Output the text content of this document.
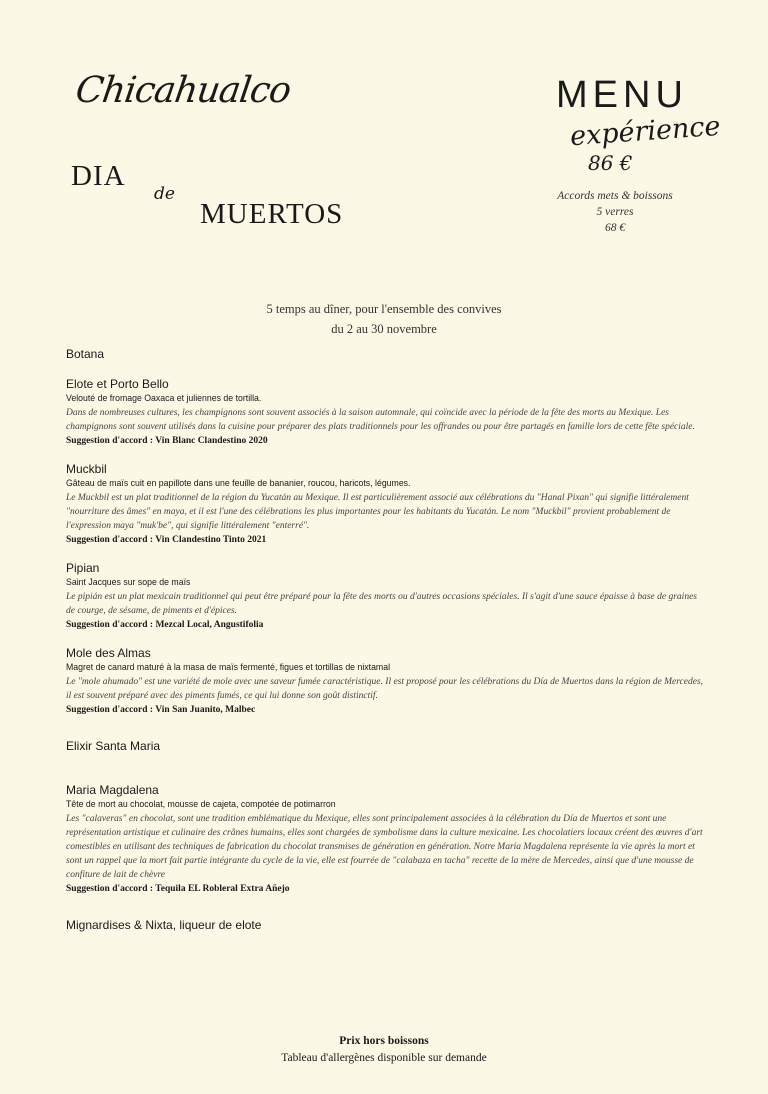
Chicahualco
DIA
de
MUERTOS
MENU
expérience
86 €
Accords mets & boissons
5 verres
68 €
5 temps au dîner, pour l'ensemble des convives
du 2 au 30 novembre
Botana
Elote et Porto Bello
Velouté de fromage Oaxaca et juliennes de tortilla.
Dans de nombreuses cultures, les champignons sont souvent associés à la saison automnale, qui coïncide avec la période de la fête des morts au Mexique. Les champignons sont souvent utilisés dans la cuisine pour préparer des plats traditionnels pour les offrandes ou pour être partagés en famille lors de cette fête spéciale.
Suggestion d'accord : Vin Blanc Clandestino 2020
Muckbil
Gâteau de maïs cuit en papillote dans une feuille de bananier, roucou, haricots, légumes.
Le Muckbil est un plat traditionnel de la région du Yucatán au Mexique. Il est particulièrement associé aux célébrations du "Hanal Pixan" qui signifie littéralement "nourriture des âmes" en maya, et il est l'une des célébrations les plus importantes pour les habitants du Yucatán. Le nom "Muckbil" provient probablement de l'expression maya "muk'be", qui signifie littéralement "enterré".
Suggestion d'accord : Vin Clandestino Tinto 2021
Pipian
Saint Jacques sur sope de maïs
Le pipián est un plat mexicain traditionnel qui peut être préparé pour la fête des morts ou d'autres occasions spéciales. Il s'agit d'une sauce épaisse à base de graines de courge, de sésame, de piments et d'épices.
Suggestion d'accord : Mezcal Local, Angustifolia
Mole des Almas
Magret de canard maturé à la masa de maïs fermenté, figues et tortillas de nixtamal
Le "mole ahumado" est une variété de mole avec une saveur fumée caractéristique. Il est proposé pour les célébrations du Día de Muertos dans la région de Mercedes, il est souvent préparé avec des piments fumés, ce qui lui donne son goût distinctif.
Suggestion d'accord : Vin San Juanito, Malbec
Elixir Santa Maria
Maria Magdalena
Tête de mort au chocolat, mousse de cajeta, compotée de potimarron
Les "calaveras" en chocolat, sont une tradition emblématique du Mexique, elles sont principalement associées à la célébration du Día de Muertos et sont une représentation artistique et culinaire des crânes humains, elles sont chargées de symbolisme dans la culture mexicaine. Les chocolatiers locaux créent des œuvres d'art comestibles en utilisant des techniques de fabrication du chocolat transmises de génération en génération. Notre Maria Magdalena représente la vie après la mort et sont un rappel que la mort fait partie intégrante du cycle de la vie, elle est fourrée de "calabaza en tacha" recette de la mère de Mercedes, ainsi que d'une mousse de confiture de lait de chèvre
Suggestion d'accord : Tequila EL Robleral Extra Añejo
Mignardises & Nixta, liqueur de elote
Prix hors boissons
Tableau d'allergènes disponible sur demande
